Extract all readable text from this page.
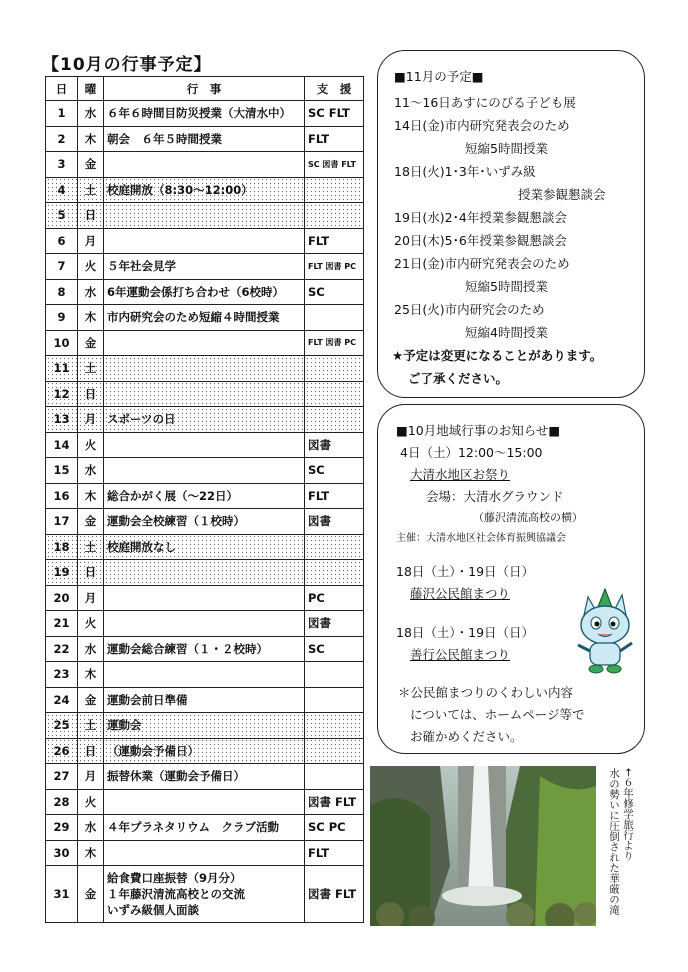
【10月の行事予定】
日	曜	行　事	支　援
1	水	６年６時間目防災授業（大清水中）	SC FLT
2	木	朝会　６年５時間授業	FLT
3	金		SC 図書 FLT
4	土	校庭開放（8:30～12:00）	
5	日		
6	月		FLT
7	火	５年社会見学	FLT 図書 PC
8	水	6年運動会係打ち合わせ（6校時）	SC
9	木	市内研究会のため短縮４時間授業	
10	金		FLT 図書 PC
11	土		
12	日		
13	月	スポーツの日	
14	火		図書
15	水		SC
16	木	総合かがく展（～22日）	FLT
17	金	運動会全校練習（１校時）	図書
18	土	校庭開放なし	
19	日		
20	月		PC
21	火		図書
22	水	運動会総合練習（１・２校時）	SC
23	木		
24	金	運動会前日準備	
25	土	運動会	
26	日	（運動会予備日）	
27	月	振替休業（運動会予備日）	
28	火		図書 FLT
29	水	４年プラネタリウム　クラブ活動	SC PC
30	木		FLT
31	金	給食費口座振替（9月分）
１年藤沢清流高校との交流
いずみ級個人面談	図書 FLT
■11月の予定■
11～16日あすにのびる子ども展
14日(金)市内研究発表会のため
短縮5時間授業
18日(火)1･3年･いずみ級
授業参観懇談会
19日(水)2･4年授業参観懇談会
20日(木)5･6年授業参観懇談会
21日(金)市内研究発表会のため
短縮5時間授業
25日(火)市内研究会のため
短縮4時間授業
★予定は変更になることがあります。
ご了承ください。
■10月地域行事のお知らせ■
4日（土）12:00～15:00
大清水地区お祭り
会場：大清水グラウンド
（藤沢清流高校の横）
主催：大清水地区社会体育振興協議会
18日（土）・19日（日）
藤沢公民館まつり
18日（土）・19日（日）
善行公民館まつり
＊公民館まつりのくわしい内容
については、ホームページ等で
お確かめください。
←６年修学旅行より
水の勢いに圧倒された華厳の滝
